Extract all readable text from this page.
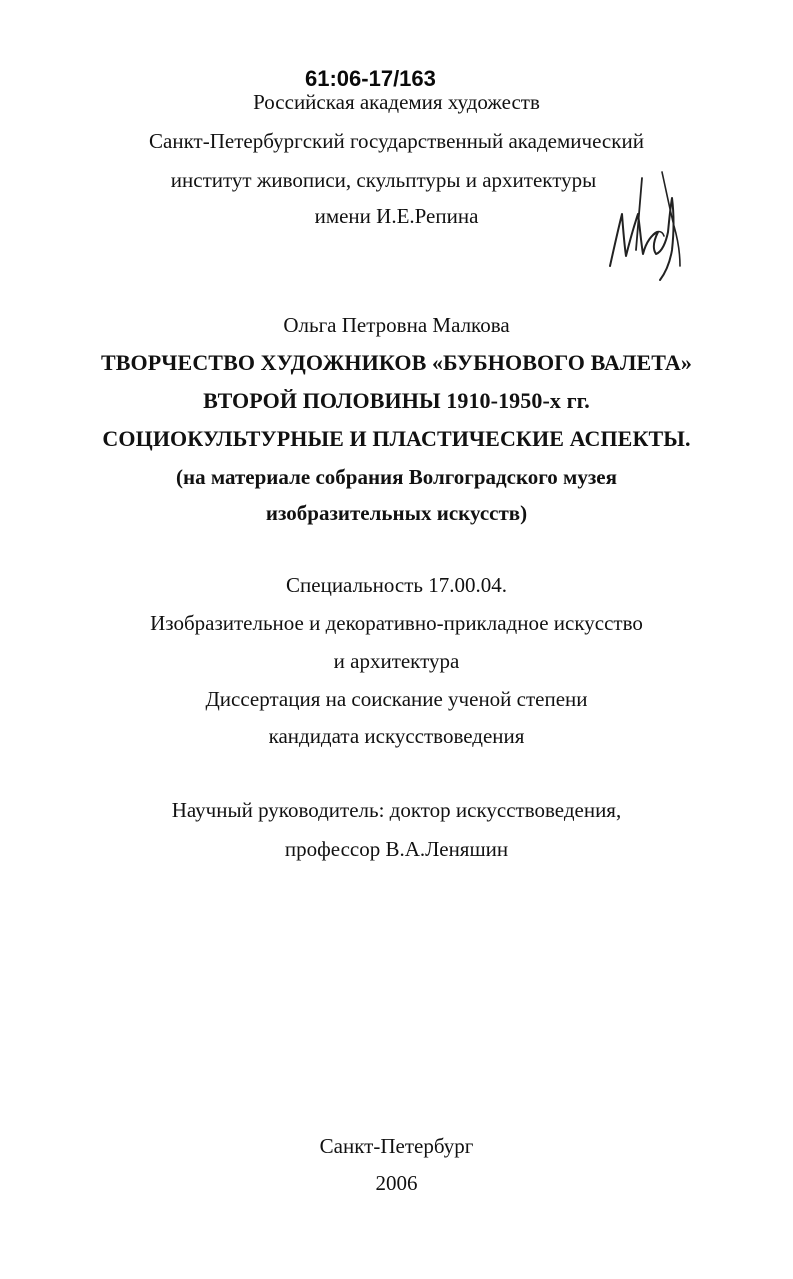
61:06-17/163
Российская академия художеств
Санкт-Петербургский государственный академический
институт живописи, скульптуры и архитектуры
имени И.Е.Репина
Ольга Петровна Малкова
ТВОРЧЕСТВО ХУДОЖНИКОВ «БУБНОВОГО ВАЛЕТА»
ВТОРОЙ ПОЛОВИНЫ 1910-1950-х гг.
СОЦИОКУЛЬТУРНЫЕ И ПЛАСТИЧЕСКИЕ АСПЕКТЫ.
(на материале собрания Волгоградского музея
изобразительных искусств)
Специальность 17.00.04.
Изобразительное и декоративно-прикладное искусство
и архитектура
Диссертация на соискание ученой степени
кандидата искусствоведения
Научный руководитель: доктор искусствоведения,
профессор В.А.Леняшин
Санкт-Петербург
2006
